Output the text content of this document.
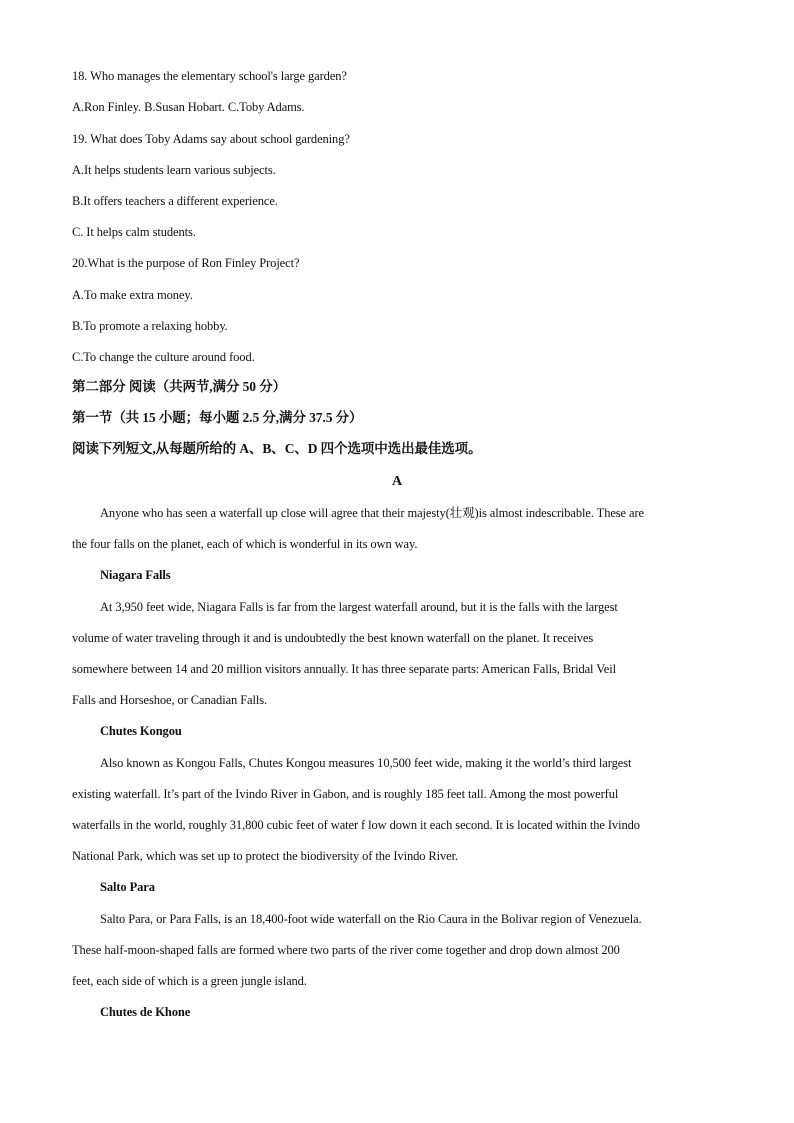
18. Who manages the elementary school's large garden?
A.Ron Finley. B.Susan Hobart. C.Toby Adams.
19. What does Toby Adams say about school gardening?
A.It helps students learn various subjects.
B.It offers teachers a different experience.
C. It helps calm students.
20.What is the purpose of Ron Finley Project?
A.To make extra money.
B.To promote a relaxing hobby.
C.To change the culture around food.
第二部分 阅读（共两节,满分 50 分）
第一节（共 15 小题；每小题 2.5 分,满分 37.5 分）
阅读下列短文,从每题所给的 A、B、C、D 四个选项中选出最佳选项。
A
Anyone who has seen a waterfall up close will agree that their majesty(壮观)is almost indescribable. These are
the four falls on the planet, each of which is wonderful in its own way.
Niagara Falls
At 3,950 feet wide, Niagara Falls is far from the largest waterfall around, but it is the falls with the largest
volume of water traveling through it and is undoubtedly the best known waterfall on the planet. It receives
somewhere between 14 and 20 million visitors annually. It has three separate parts: American Falls, Bridal Veil
Falls and Horseshoe, or Canadian Falls.
Chutes Kongou
Also known as Kongou Falls, Chutes Kongou measures 10,500 feet wide, making it the world’s third largest
existing waterfall. It’s part of the Ivindo River in Gabon, and is roughly 185 feet tall. Among the most powerful
waterfalls in the world, roughly 31,800 cubic feet of water f low down it each second. It is located within the Ivindo
National Park, which was set up to protect the biodiversity of the Ivindo River.
Salto Para
Salto Para, or Para Falls, is an 18,400-foot wide waterfall on the Rio Caura in the Bolivar region of Venezuela.
These half-moon-shaped falls are formed where two parts of the river come together and drop down almost 200
feet, each side of which is a green jungle island.
Chutes de Khone
